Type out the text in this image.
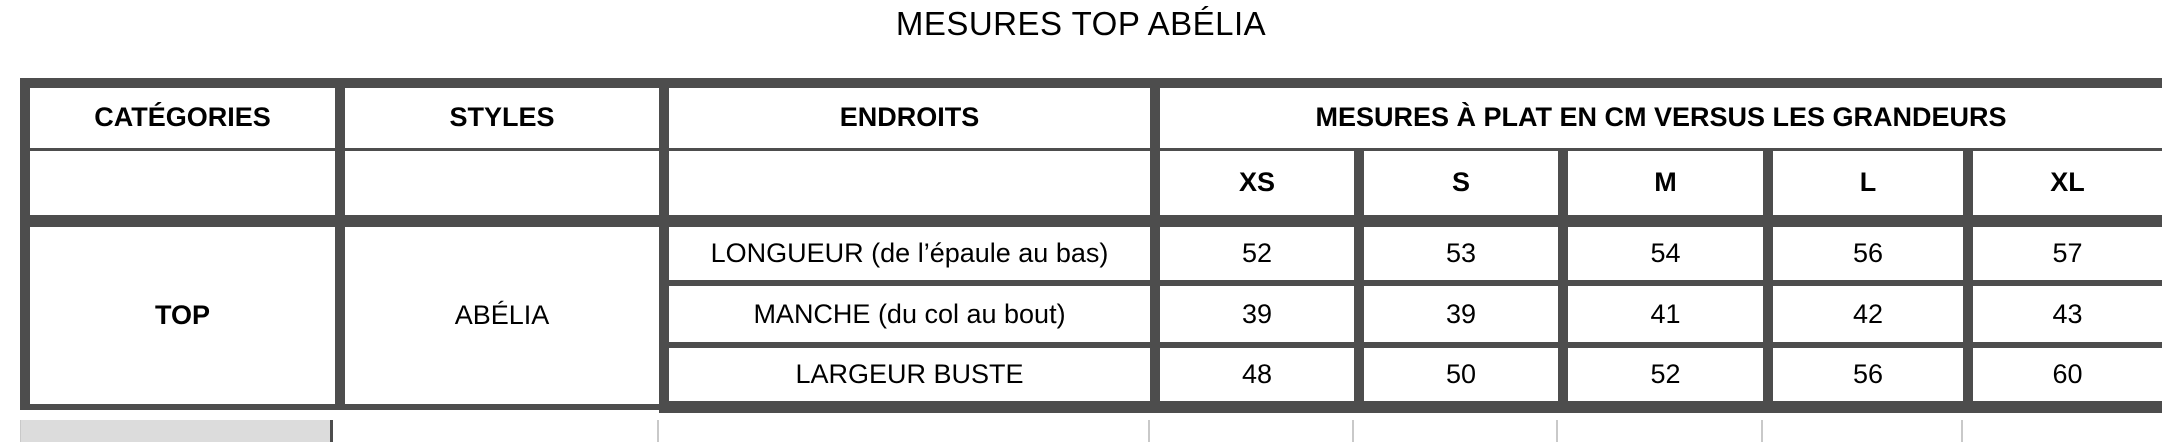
MESURES TOP ABÉLIA
CATÉGORIES	STYLES	ENDROITS	MESURES À PLAT EN CM VERSUS LES GRANDEURS				
			XS	S	M	L	XL
TOP	ABÉLIA	LONGUEUR (de l’épaule au bas)	52	53	54	56	57
		MANCHE (du col au bout)	39	39	41	42	43
		LARGEUR BUSTE	48	50	52	56	60
